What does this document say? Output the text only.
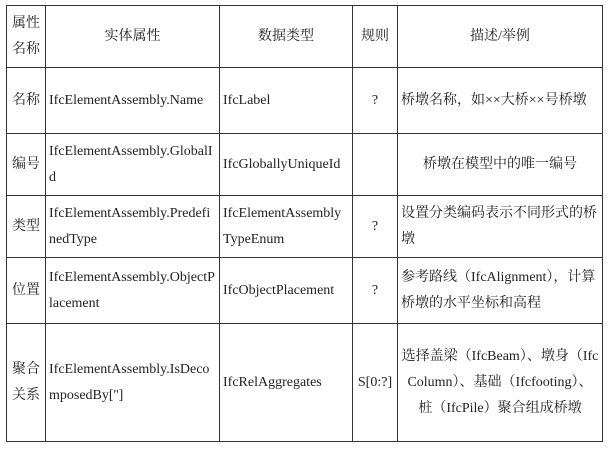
属性名称	实体属性	数据类型	规则	描述/举例
名称	IfcElementAssembly.Name	IfcLabel	?	桥墩名称，如××大桥××号桥墩
编号	IfcElementAssembly.GlobalId	IfcGloballyUniqueId		桥墩在模型中的唯一编号
类型	IfcElementAssembly.PredefinedType	IfcElementAssemblyTypeEnum	?	设置分类编码表示不同形式的桥墩
位置	IfcElementAssembly.ObjectPlacement	IfcObjectPlacement	?	参考路线（IfcAlignment），计算桥墩的水平坐标和高程
聚合关系	IfcElementAssembly.IsDecomposedBy['']	IfcRelAggregates	S[0:?]	选择盖梁（IfcBeam）、墩身（IfcColumn）、基础（Ifcfooting）、桩（IfcPile）聚合组成桥墩
